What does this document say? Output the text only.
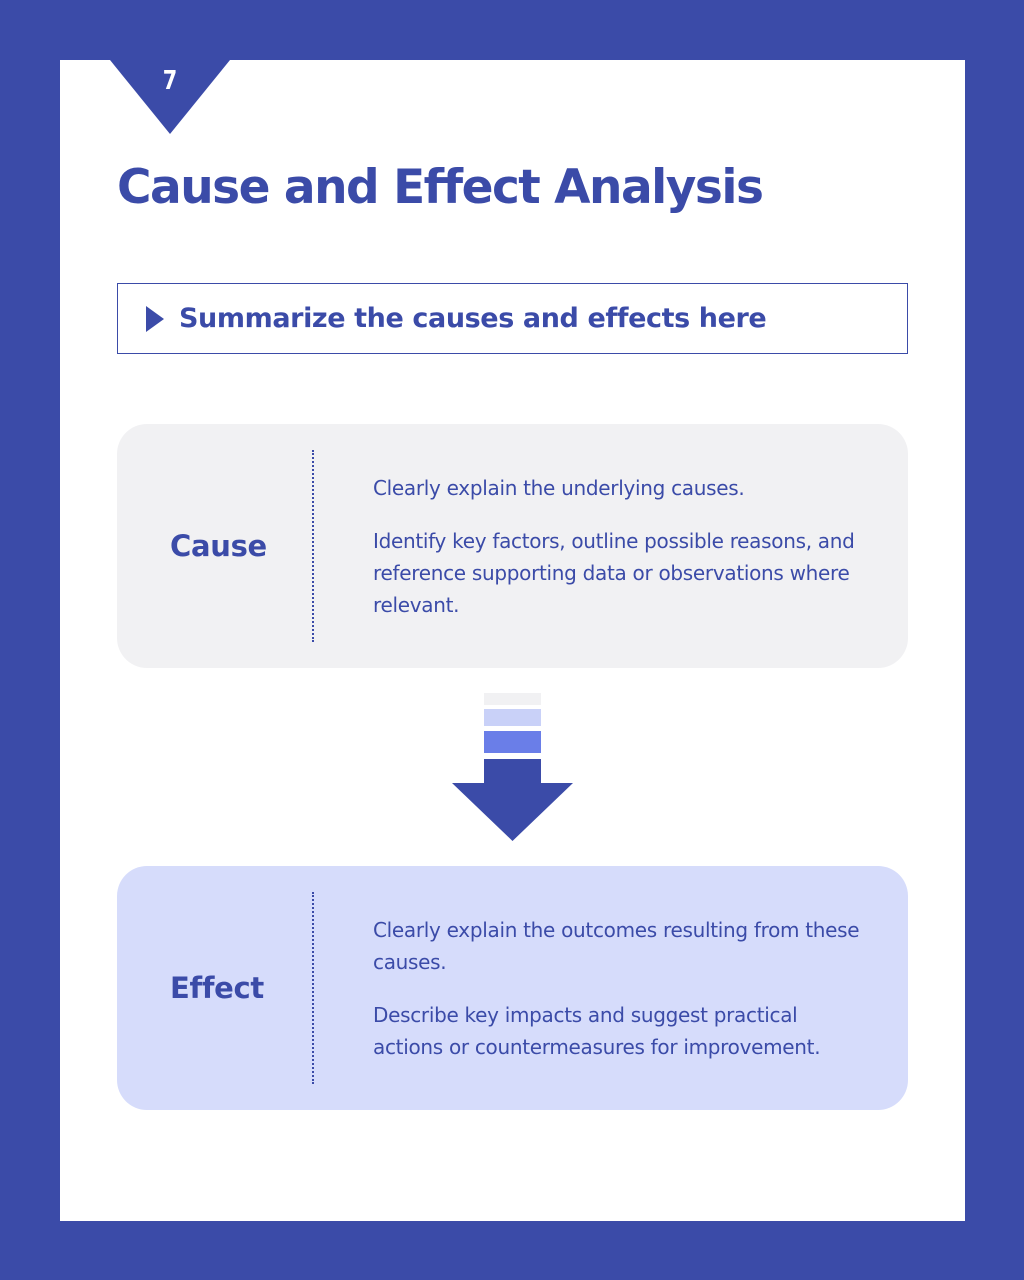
7
Cause and Effect Analysis
Summarize the causes and effects here
Cause

Clearly explain the underlying causes.

Identify key factors, outline possible reasons, and reference supporting data or observations where relevant.

Effect

Clearly explain the outcomes resulting from these causes.

Describe key impacts and suggest practical actions or countermeasures for improvement.
